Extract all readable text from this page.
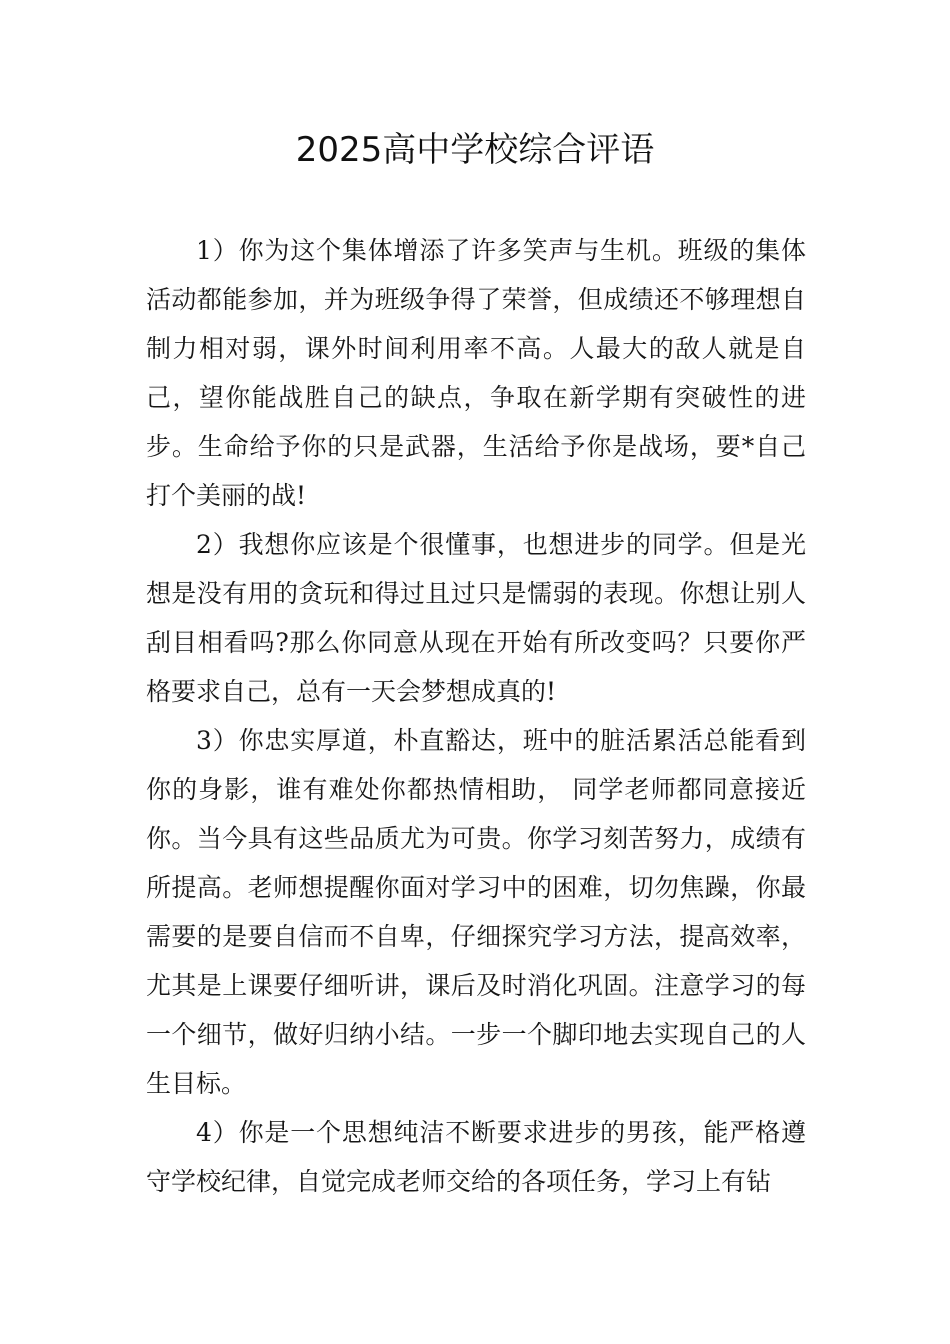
2025高中学校综合评语

1）你为这个集体增添了许多笑声与生机。班级的集体活动都能参加，并为班级争得了荣誉，但成绩还不够理想自制力相对弱，课外时间利用率不高。人最大的敌人就是自己，望你能战胜自己的缺点，争取在新学期有突破性的进步。生命给予你的只是武器，生活给予你是战场，要*自己打个美丽的战!

2）我想你应该是个很懂事，也想进步的同学。但是光想是没有用的贪玩和得过且过只是懦弱的表现。你想让别人刮目相看吗?那么你同意从现在开始有所改变吗？只要你严格要求自己，总有一天会梦想成真的!

3）你忠实厚道，朴直豁达，班中的脏活累活总能看到你的身影，谁有难处你都热情相助， 同学老师都同意接近你。当今具有这些品质尤为可贵。你学习刻苦努力，成绩有所提高。老师想提醒你面对学习中的困难，切勿焦躁，你最需要的是要自信而不自卑，仔细探究学习方法，提高效率，尤其是上课要仔细听讲，课后及时消化巩固。注意学习的每一个细节，做好归纳小结。一步一个脚印地去实现自己的人生目标。

4）你是一个思想纯洁不断要求进步的男孩，能严格遵守学校纪律，自觉完成老师交给的各项任务，学习上有钻
